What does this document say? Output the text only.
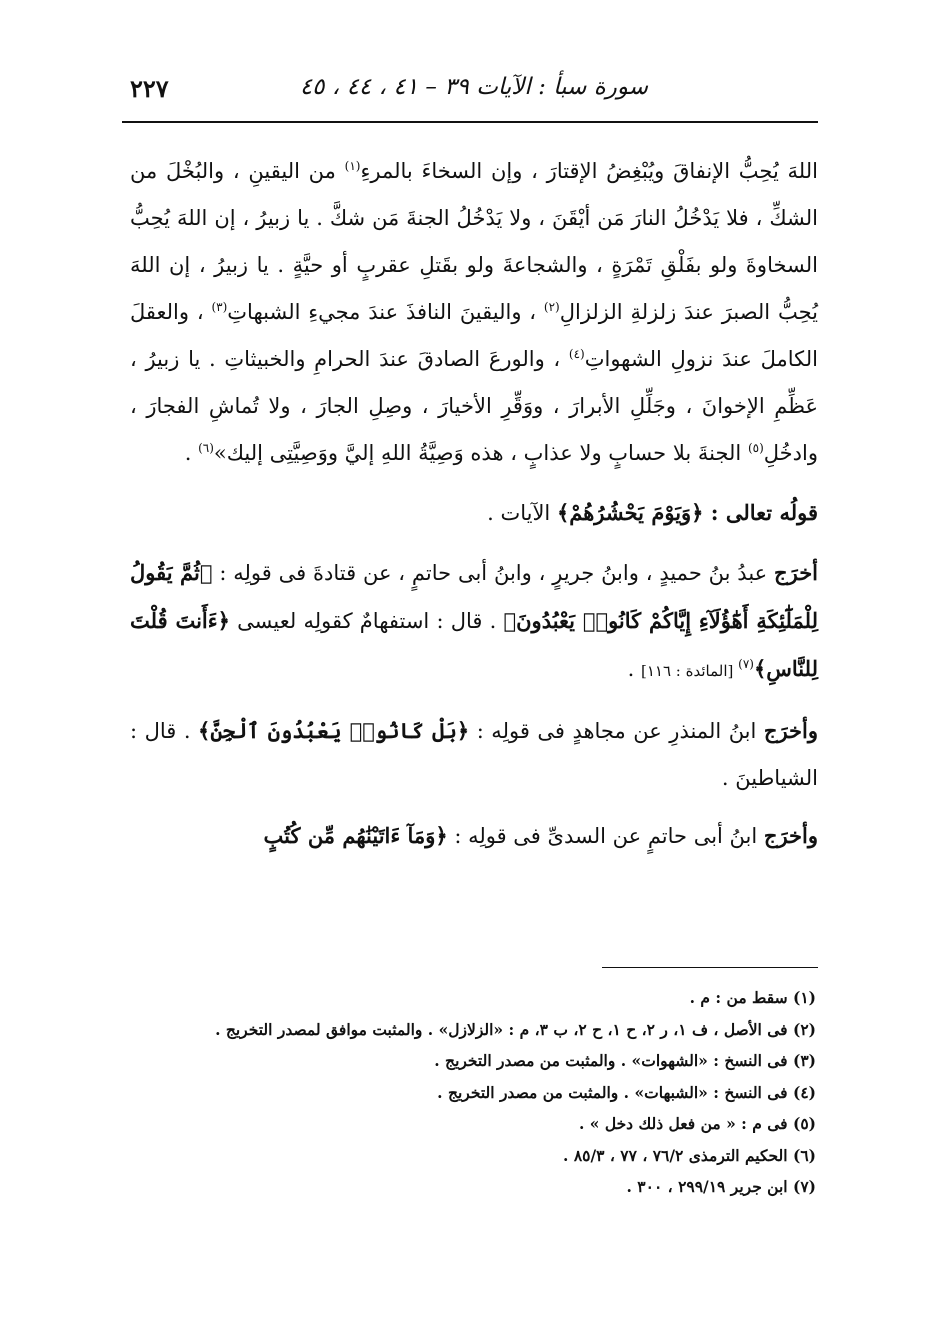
سورة سبأ : الآيات ٣٩ – ٤١ ، ٤٤ ، ٤٥
٢٢٧

اللهَ يُحِبُّ الإنفاقَ ويُبْغِضُ الإقتارَ ، وإن السخاءَ بالمرءِ$^{(١)}$ من اليقينِ ، والبُخْلَ من الشكِّ ، فلا يَدْخُلُ النارَ مَن أيْقَنَ ، ولا يَدْخُلُ الجنةَ مَن شكَّ . يا زبيرُ ، إن اللهَ يُحِبُّ السخاوةَ ولو بفَلْقِ تَمْرَةٍ ، والشجاعةَ ولو بقَتلِ عقربٍ أو حيَّةٍ . يا زبيرُ ، إن اللهَ يُحِبُّ الصبرَ عندَ زلزلةِ الزلزالِ$^{(٢)}$ ، واليقينَ النافذَ عندَ مجيءِ الشبهاتِ$^{(٣)}$ ، والعقلَ الكاملَ عندَ نزولِ الشهواتِ$^{(٤)}$ ، والورعَ الصادقَ عندَ الحرامِ والخبيثاتِ . يا زبيرُ ، عَظِّمِ الإخوانَ ، وجَلِّلِ الأبرارَ ، ووَقِّرِ الأخيارَ ، وصِلِ الجارَ ، ولا تُماشِ الفجارَ ، وادخُلِ$^{(٥)}$ الجنةَ بلا حسابٍ ولا عذابٍ ، هذه وَصِيَّةُ اللهِ إليَّ ووَصِيَّتِى إليك»$^{(٦)}$ .

قولُه تعالى : ﴿وَيَوْمَ يَحْشُرُهُمْ﴾ الآيات .

أخرَج عبدُ بنُ حميدٍ ، وابنُ جريرٍ ، وابنُ أبى حاتمٍ ، عن قتادةَ فى قولِه : ﴿ثُمَّ يَقُولُ لِلْمَلَٰٓئِكَةِ أَهَٰٓؤُلَآءِ إِيَّاكُمْ كَانُوا۟ يَعْبُدُونَ﴾ . قال : استفهامٌ كقولِه لعيسى ﴿ءَأَنتَ قُلْتَ لِلنَّاسِ﴾$^{(٧)}$ [المائدة : ١١٦] .

وأخرَج ابنُ المنذرِ عن مجاهدٍ فى قولِه : ﴿بَلْ كَانُوا۟ يَعْبُدُونَ ٱلْجِنَّ﴾ . قال : الشياطينَ .

وأخرَج ابنُ أبى حاتمٍ عن السدىِّ فى قولِه : ﴿وَمَآ ءَاتَيْنَٰهُم مِّن كُتُبٍ

(١) سقط من : م .
(٢) فى الأصل ، ف ١، ر ٢، ح ١، ح ٢، ب ٣، م : «الزلازل» . والمثبت موافق لمصدر التخريج .
(٣) فى النسخ : «الشهوات» . والمثبت من مصدر التخريج .
(٤) فى النسخ : «الشبهات» . والمثبت من مصدر التخريج .
(٥) فى م : « من فعل ذلك دخل » .
(٦) الحكيم الترمذى ٧٦/٢ ، ٧٧ ، ٨٥/٣ .
(٧) ابن جرير ٢٩٩/١٩ ، ٣٠٠ .
